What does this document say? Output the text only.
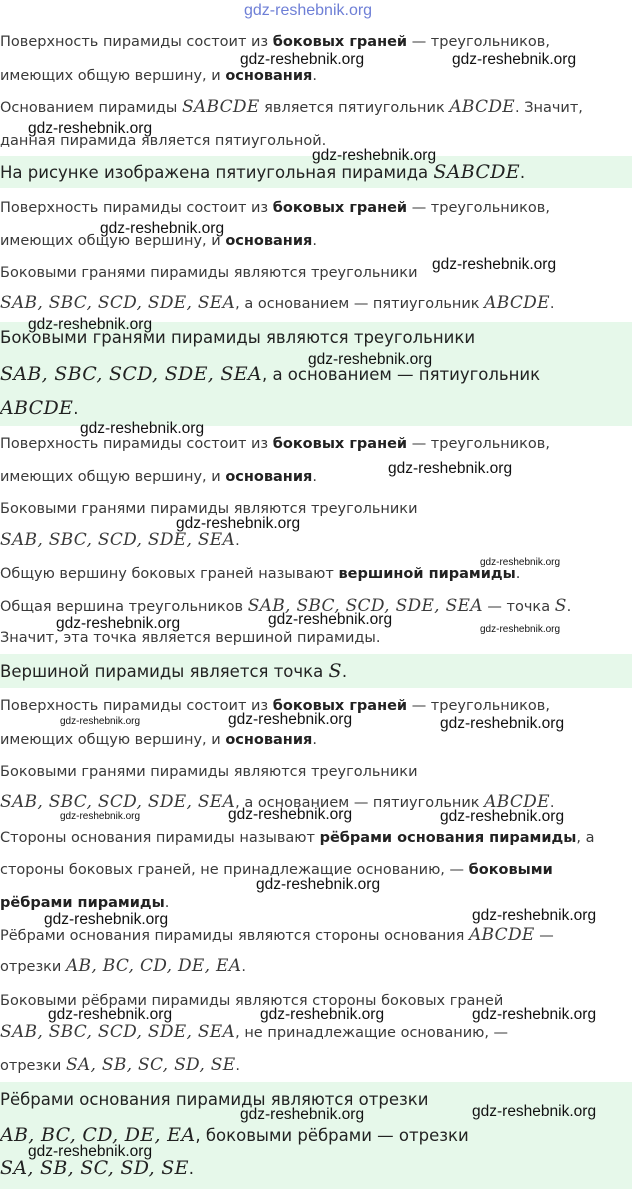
Поверхность пирамиды состоит из боковых граней — треугольников,
имеющих общую вершину, и основания.
Основанием пирамиды SABCDE является пятиугольник ABCDE. Значит,
данная пирамида является пятиугольной.
На рисунке изображена пятиугольная пирамида SABCDE.
Поверхность пирамиды состоит из боковых граней — треугольников,
имеющих общую вершину, и основания.
Боковыми гранями пирамиды являются треугольники
SAB, SBC, SCD, SDE, SEA, а основанием — пятиугольник ABCDE.
Боковыми гранями пирамиды являются треугольники
SAB, SBC, SCD, SDE, SEA, а основанием — пятиугольник
ABCDE.
Поверхность пирамиды состоит из боковых граней — треугольников,
имеющих общую вершину, и основания.
Боковыми гранями пирамиды являются треугольники
SAB, SBC, SCD, SDE, SEA.
Общую вершину боковых граней называют вершиной пирамиды.
Общая вершина треугольников SAB, SBC, SCD, SDE, SEA — точка S.
Значит, эта точка является вершиной пирамиды.
Вершиной пирамиды является точка S.
Поверхность пирамиды состоит из боковых граней — треугольников,
имеющих общую вершину, и основания.
Боковыми гранями пирамиды являются треугольники
SAB, SBC, SCD, SDE, SEA, а основанием — пятиугольник ABCDE.
Стороны основания пирамиды называют рёбрами основания пирамиды, а
стороны боковых граней, не принадлежащие основанию, — боковыми
рёбрами пирамиды.
Рёбрами основания пирамиды являются стороны основания ABCDE —
отрезки AB, BC, CD, DE, EA.
Боковыми рёбрами пирамиды являются стороны боковых граней
SAB, SBC, SCD, SDE, SEA, не принадлежащие основанию, —
отрезки SA, SB, SC, SD, SE.
Рёбрами основания пирамиды являются отрезки
AB, BC, CD, DE, EA, боковыми рёбрами — отрезки
SA, SB, SC, SD, SE.
gdz-reshebnik.org
gdz-reshebnik.org	gdz-reshebnik.org
gdz-reshebnik.org
gdz-reshebnik.org
gdz-reshebnik.org
gdz-reshebnik.org
gdz-reshebnik.org
gdz-reshebnik.org
gdz-reshebnik.org
gdz-reshebnik.org
gdz-reshebnik.org
gdz-reshebnik.org
gdz-reshebnik.org	gdz-reshebnik.org
gdz-reshebnik.org
gdz-reshebnik.org	gdz-reshebnik.org	gdz-reshebnik.org
gdz-reshebnik.org	gdz-reshebnik.org	gdz-reshebnik.org
gdz-reshebnik.org
gdz-reshebnik.org	gdz-reshebnik.org
gdz-reshebnik.org	gdz-reshebnik.org	gdz-reshebnik.org
gdz-reshebnik.org	gdz-reshebnik.org
gdz-reshebnik.org
